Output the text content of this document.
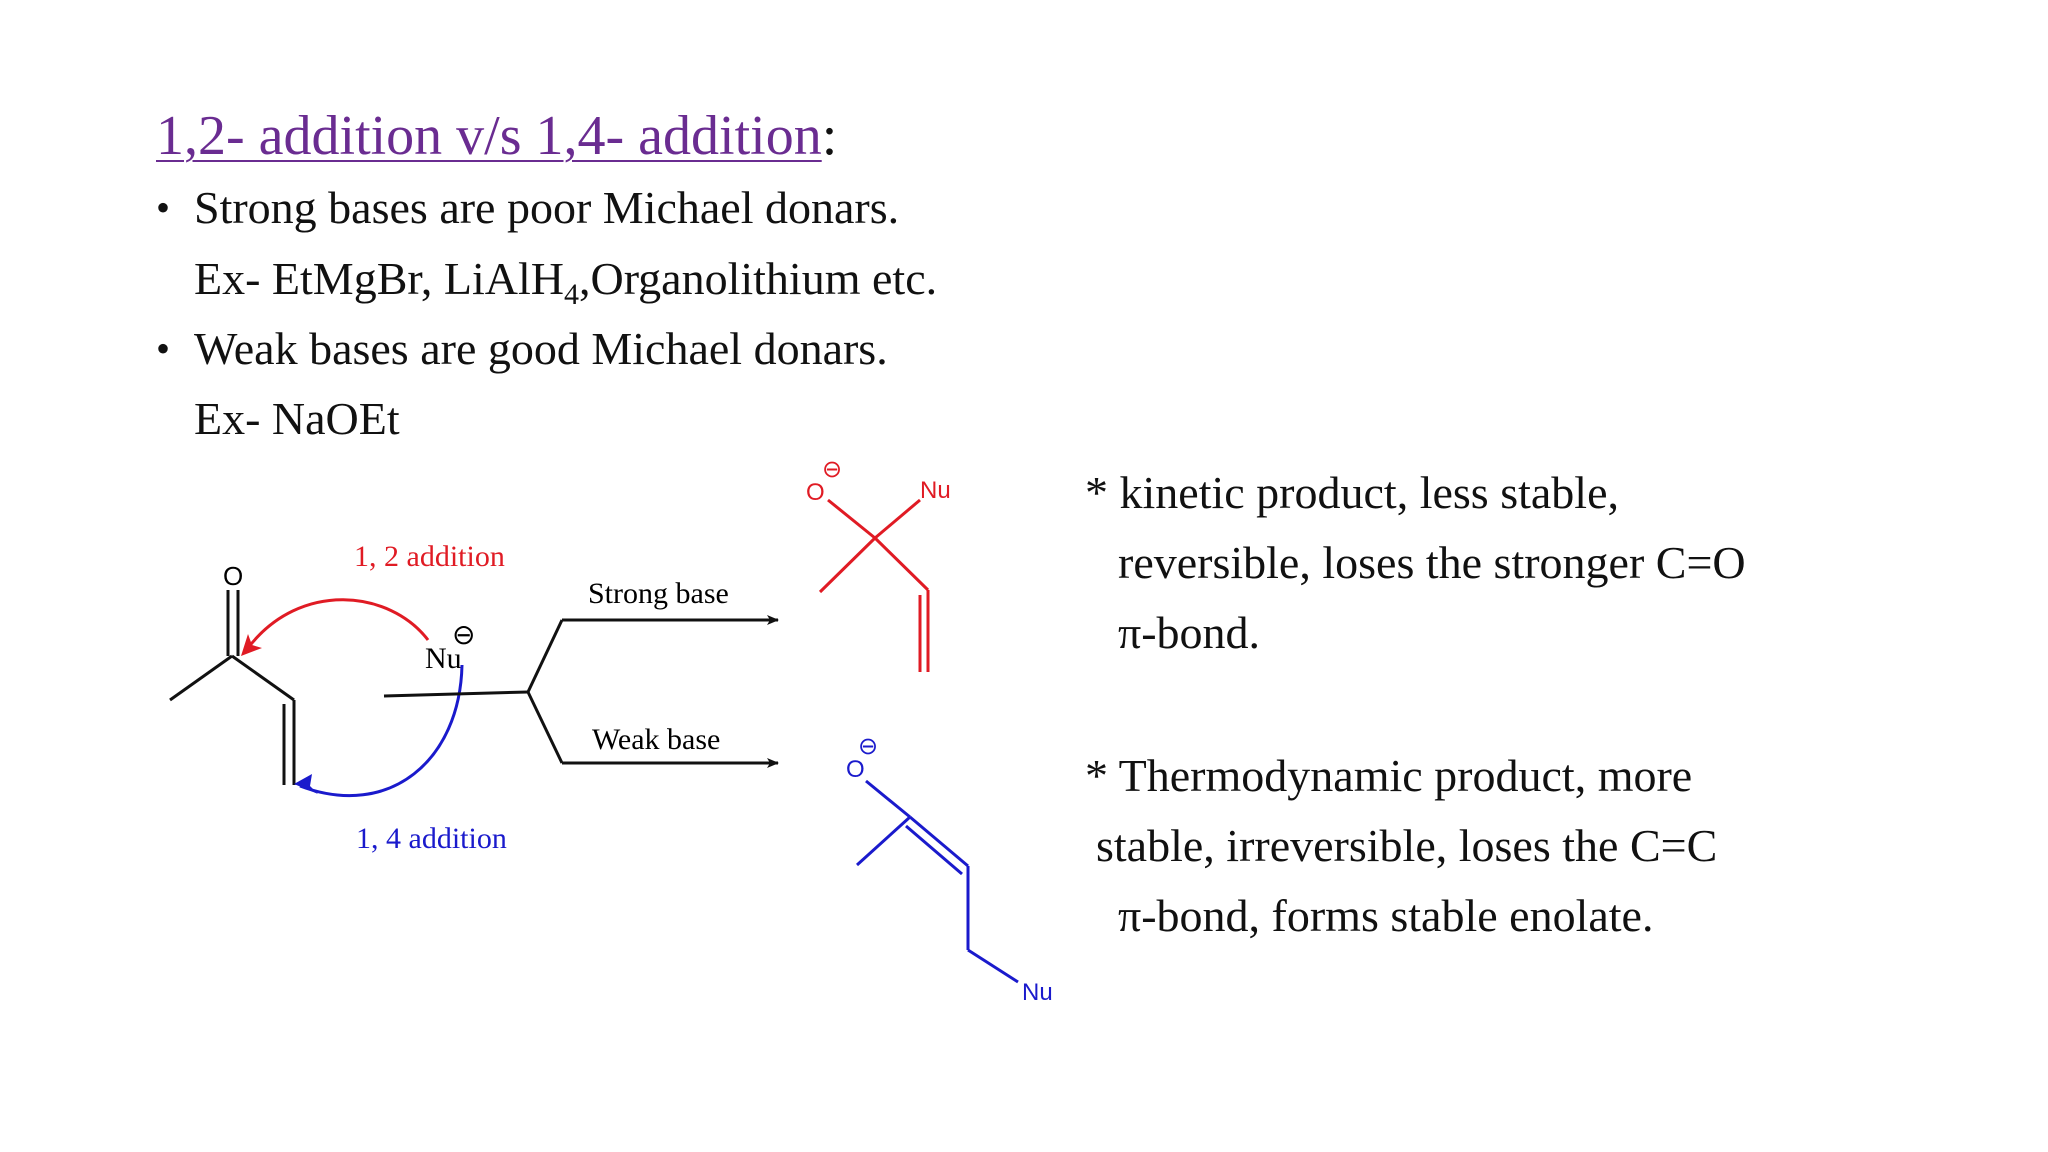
1,2- addition v/s 1,4- addition:
• Strong bases are poor Michael donars.
Ex- EtMgBr, LiAlH$_4$,Organolithium etc.
• Weak bases are good Michael donars.
Ex- NaOEt
O
Nu
⊖
1, 2 addition
1, 4 addition
Strong base
Weak base
O
⊖
Nu
O
⊖
Nu
* kinetic product, less stable,
reversible, loses the stronger C=O
π-bond.
* Thermodynamic product, more
stable, irreversible, loses the C=C
π-bond, forms stable enolate.
